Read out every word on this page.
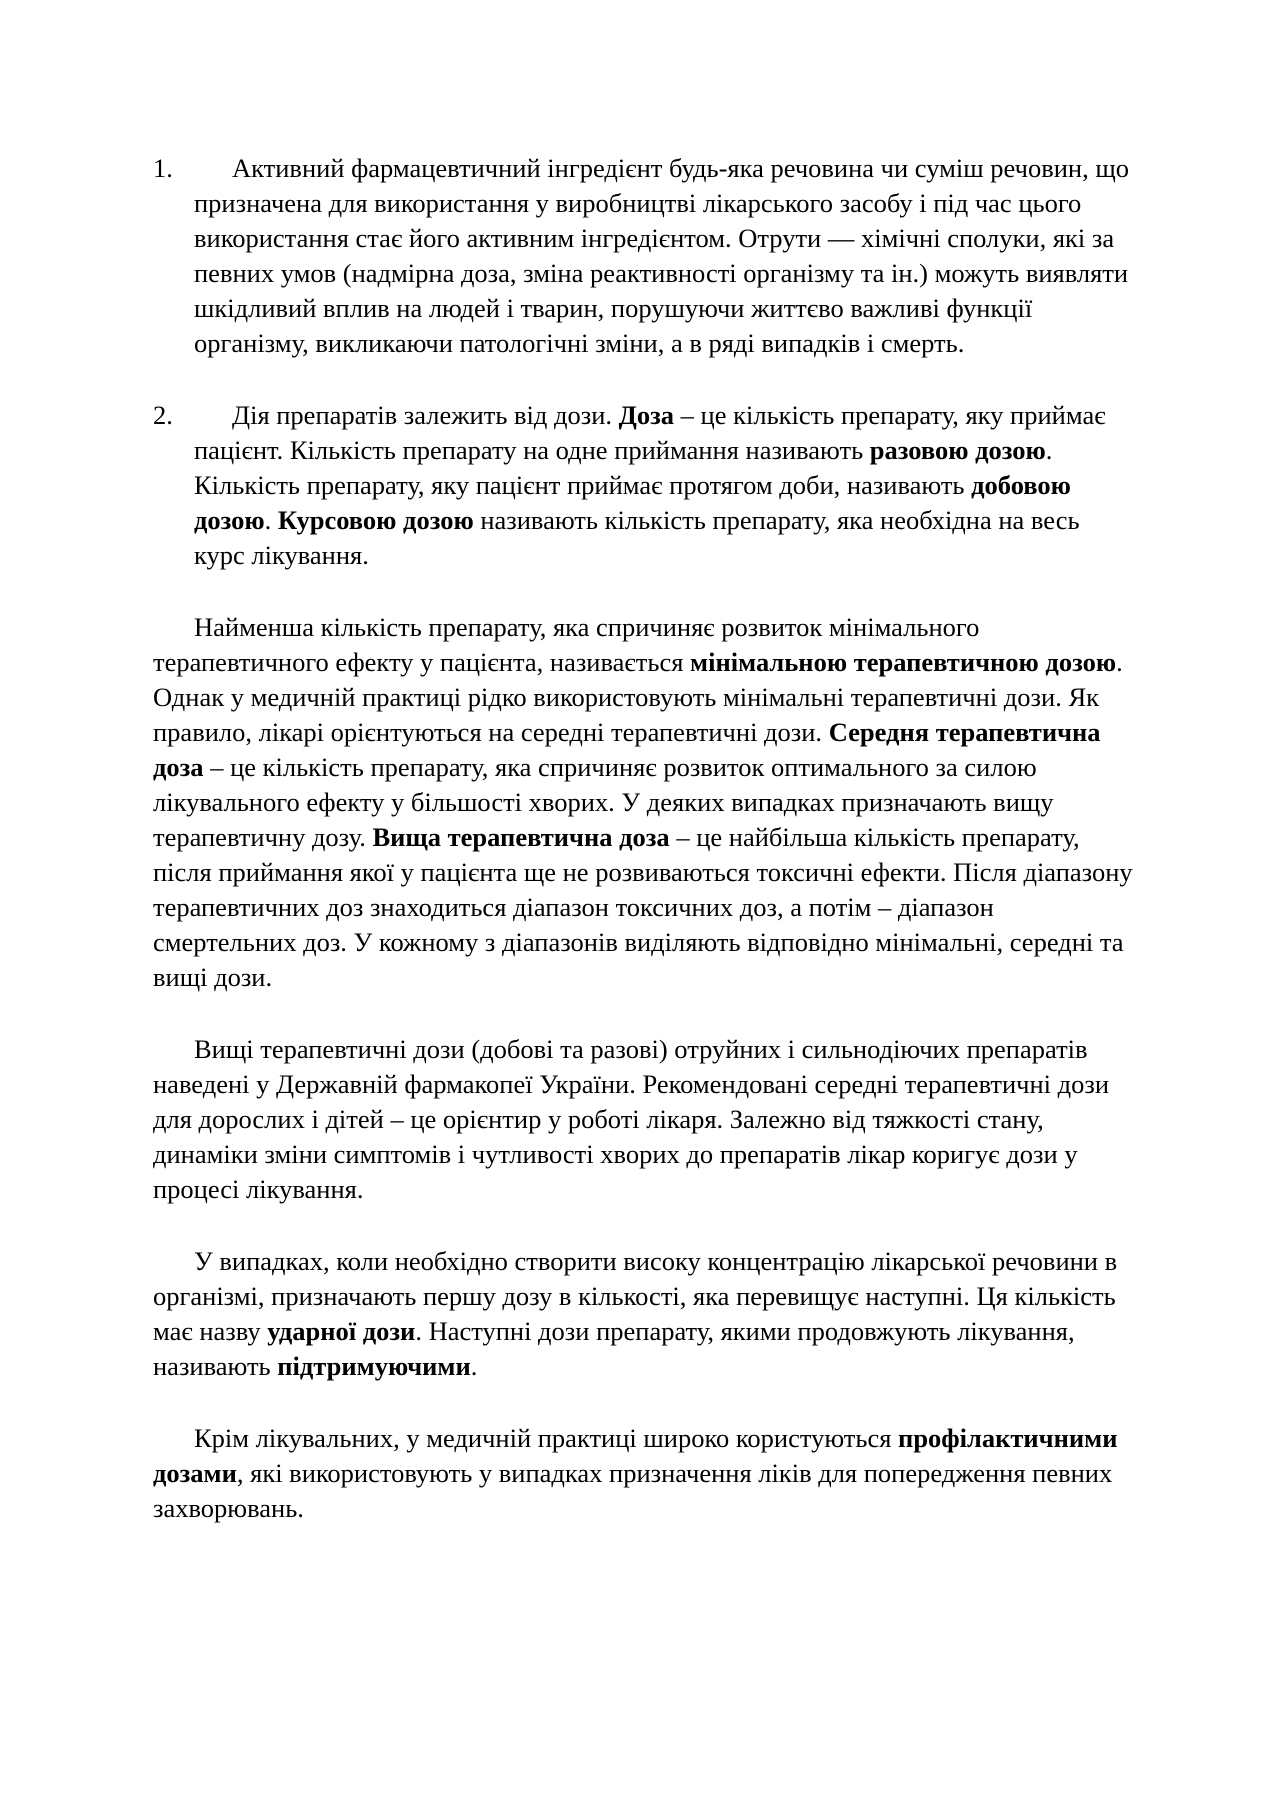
1.	Активний фармацевтичний інгредієнт будь-яка речовина чи суміш речовин, що призначена для використання у виробництві лікарського засобу і під час цього використання стає його активним інгредієнтом. Отрути — хімічні сполуки, які за певних умов (надмірна доза, зміна реактивності організму та ін.) можуть виявляти шкідливий вплив на людей і тварин, порушуючи життєво важливі функції організму, викликаючи патологічні зміни, а в ряді випадків і смерть.

2.	Дія препаратів залежить від дози. Доза – це кількість препарату, яку приймає пацієнт. Кількість препарату на одне приймання називають разовою дозою. Кількість препарату, яку пацієнт приймає протягом доби, називають добовою дозою. Курсовою дозою називають кількість препарату, яка необхідна на весь курс лікування.

Найменша кількість препарату, яка спричиняє розвиток мінімального терапевтичного ефекту у пацієнта, називається мінімальною терапевтичною дозою. Однак у медичній практиці рідко використовують мінімальні терапевтичні дози. Як правило, лікарі орієнтуються на середні терапевтичні дози. Середня терапевтична доза – це кількість препарату, яка спричиняє розвиток оптимального за силою лікувального ефекту у більшості хворих. У деяких випадках призначають вищу терапевтичну дозу. Вища терапевтична доза – це найбільша кількість препарату, після приймання якої у пацієнта ще не розвиваються токсичні ефекти. Після діапазону терапевтичних доз знаходиться діапазон токсичних доз, а потім – діапазон смертельних доз. У кожному з діапазонів виділяють відповідно мінімальні, середні та вищі дози.

Вищі терапевтичні дози (добові та разові) отруйних і сильнодіючих препаратів наведені у Державній фармакопеї України. Рекомендовані середні терапевтичні дози для дорослих і дітей – це орієнтир у роботі лікаря. Залежно від тяжкості стану, динаміки зміни симптомів і чутливості хворих до препаратів лікар коригує дози у процесі лікування.

У випадках, коли необхідно створити високу концентрацію лікарської речовини в організмі, призначають першу дозу в кількості, яка перевищує наступні. Ця кількість має назву ударної дози. Наступні дози препарату, якими продовжують лікування, називають підтримуючими.

Крім лікувальних, у медичній практиці широко користуються профілактичними дозами, які використовують у випадках призначення ліків для попередження певних захворювань.
